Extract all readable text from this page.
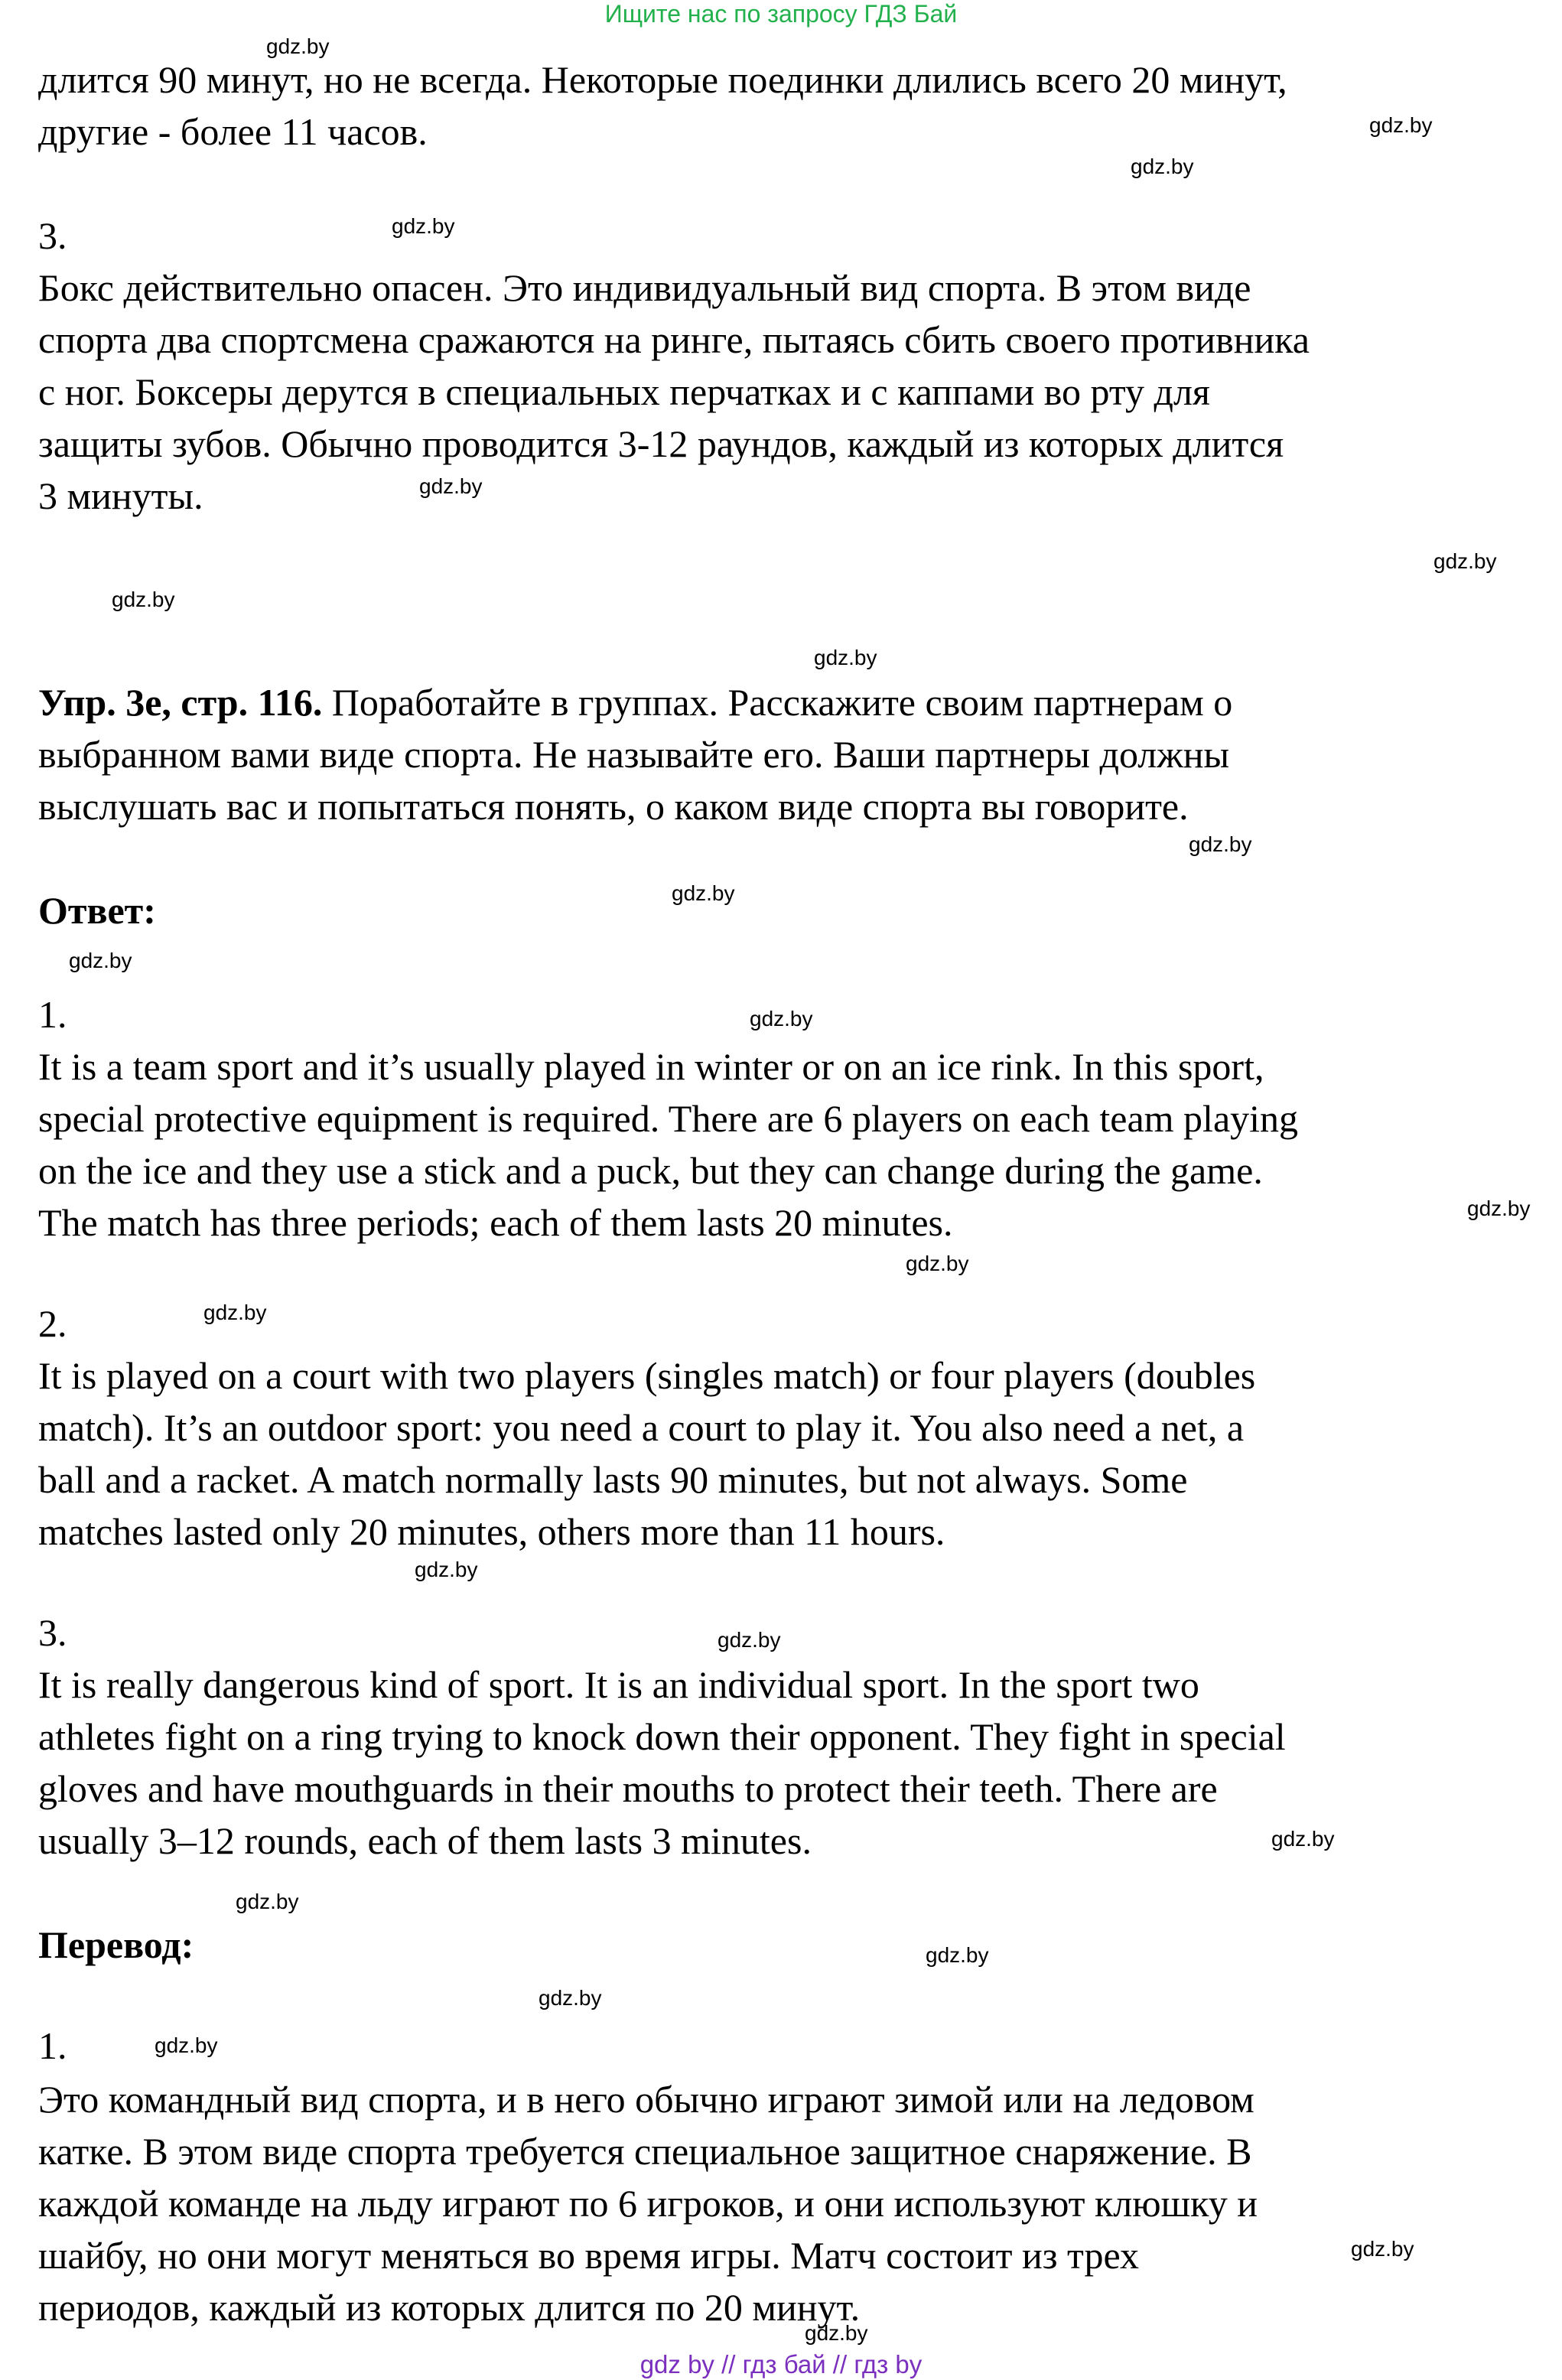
Ищите нас по запросу ГДЗ Бай
gdz by // гдз бай // гдз by
gdz.by
gdz.by
gdz.by
gdz.by
gdz.by
gdz.by
gdz.by
gdz.by
gdz.by
gdz.by
gdz.by
gdz.by
gdz.by
gdz.by
gdz.by
gdz.by
gdz.by
gdz.by
gdz.by
gdz.by
gdz.by
gdz.by
gdz.by
gdz.by
длится 90 минут, но не всегда. Некоторые поединки длились всего 20 минут,
другие - более 11 часов.
3.
Бокс действительно опасен. Это индивидуальный вид спорта. В этом виде
спорта два спортсмена сражаются на ринге, пытаясь сбить своего противника
с ног. Боксеры дерутся в специальных перчатках и с каппами во рту для
защиты зубов. Обычно проводится 3-12 раундов, каждый из которых длится
3 минуты.
Упр. 3е, стр. 116. Поработайте в группах. Расскажите своим партнерам о
выбранном вами виде спорта. Не называйте его. Ваши партнеры должны
выслушать вас и попытаться понять, о каком виде спорта вы говорите.
Ответ:
1.
It is a team sport and it’s usually played in winter or on an ice rink. In this sport,
special protective equipment is required. There are 6 players on each team playing
on the ice and they use a stick and a puck, but they can change during the game.
The match has three periods; each of them lasts 20 minutes.
2.
It is played on a court with two players (singles match) or four players (doubles
match). It’s an outdoor sport: you need a court to play it. You also need a net, a
ball and a racket. A match normally lasts 90 minutes, but not always. Some
matches lasted only 20 minutes, others more than 11 hours.
3.
It is really dangerous kind of sport. It is an individual sport. In the sport two
athletes fight on a ring trying to knock down their opponent. They fight in special
gloves and have mouthguards in their mouths to protect their teeth. There are
usually 3–12 rounds, each of them lasts 3 minutes.
Перевод:
1.
Это командный вид спорта, и в него обычно играют зимой или на ледовом
катке. В этом виде спорта требуется специальное защитное снаряжение. В
каждой команде на льду играют по 6 игроков, и они используют клюшку и
шайбу, но они могут меняться во время игры. Матч состоит из трех
периодов, каждый из которых длится по 20 минут.
